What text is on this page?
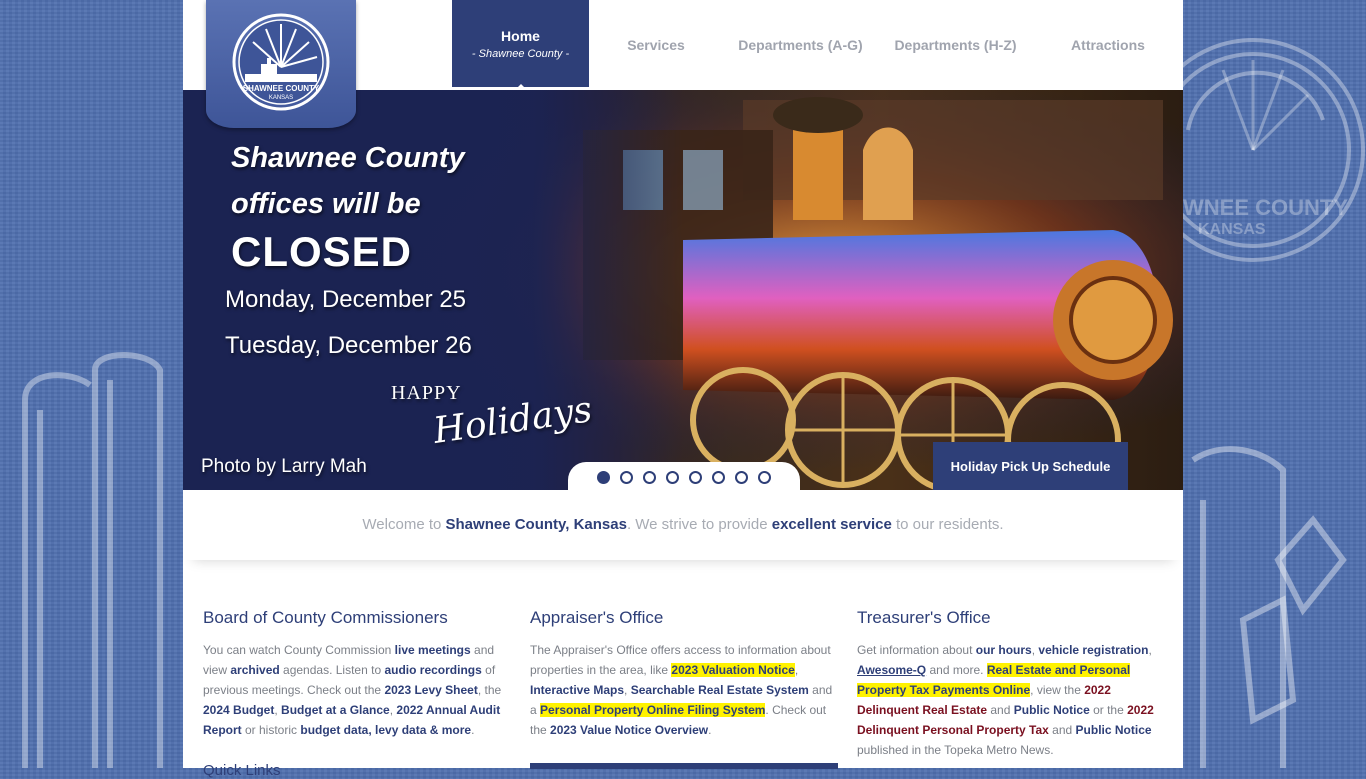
WNEE COUNTY
KANSAS
SHAWNEE COUNTY
KANSAS
Home
- Shawnee County -
Services	Departments (A-G) Departments (H-Z)	Attractions
Shawnee County
offices will be
CLOSED
Monday, December 25
Tuesday, December 26
HAPPY
Holidays
Photo by Larry Mah	Holiday Pick Up Schedule
Welcome to Shawnee County, Kansas. We strive to provide excellent service to our residents.
Board of County Commissioners

You can watch County Commission live meetings and view archived agendas. Listen to audio recordings of previous meetings. Check out the 2023 Levy Sheet, the 2024 Budget, Budget at a Glance, 2022 Annual Audit Report or historic budget data, levy data & more.

Appraiser's Office

The Appraiser's Office offers access to information about properties in the area, like 2023 Valuation Notice, Interactive Maps, Searchable Real Estate System and a Personal Property Online Filing System. Check out the 2023 Value Notice Overview.

Treasurer's Office

Get information about our hours, vehicle registration, Awesome-Q and more. Real Estate and Personal Property Tax Payments Online, view the 2022 Delinquent Real Estate and Public Notice or the 2022 Delinquent Personal Property Tax and Public Notice published in the Topeka Metro News.

Quick Links
